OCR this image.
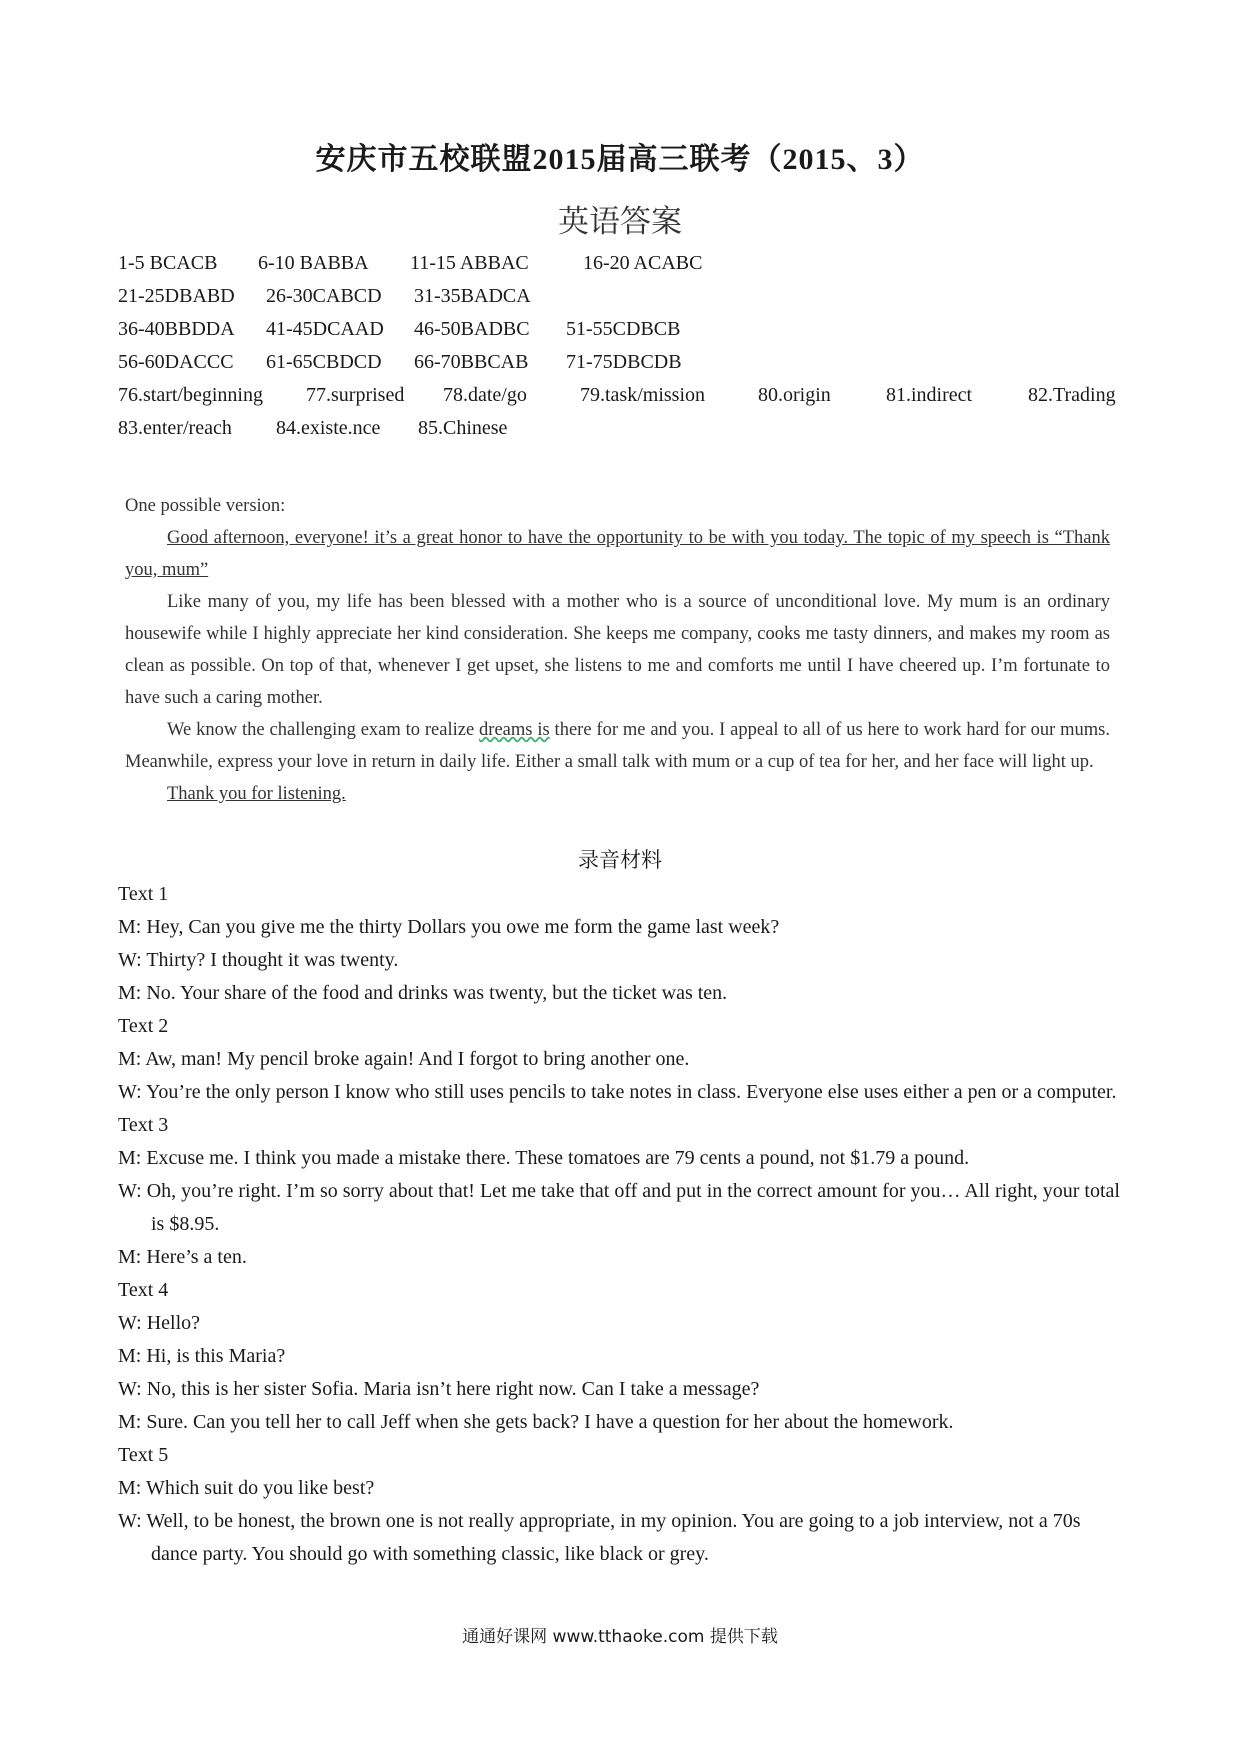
安庆市五校联盟2015届高三联考（2015、3）
英语答案
1-5 BCACB 6-10 BABBA 11-15 ABBAC	16-20 ACABC
21-25DBABD 26-30CABCD 31-35BADCA
36-40BBDDA 41-45DCAAD 46-50BADBC 51-55CDBCB
56-60DACCC 61-65CBDCD 66-70BBCAB 71-75DBCDB
76.start/beginning 77.surprised 78.date/go	79.task/mission	80.origin	81.indirect	82.Trading
83.enter/reach 84.existe.nce 85.Chinese

One possible version:

Good afternoon, everyone! it’s a great honor to have the opportunity to be with you today. The topic of my speech is “Thank you, mum”

Like many of you, my life has been blessed with a mother who is a source of unconditional love. My mum is an ordinary housewife while I highly appreciate her kind consideration. She keeps me company, cooks me tasty dinners, and makes my room as clean as possible. On top of that, whenever I get upset, she listens to me and comforts me until I have cheered up. I’m fortunate to have such a caring mother.

We know the challenging exam to realize dreams is there for me and you. I appeal to all of us here to work hard for our mums. Meanwhile, express your love in return in daily life. Either a small talk with mum or a cup of tea for her, and her face will light up.

Thank you for listening.

录音材料
Text 1
M: Hey, Can you give me the thirty Dollars you owe me form the game last week?
W: Thirty? I thought it was twenty.
M: No. Your share of the food and drinks was twenty, but the ticket was ten.
Text 2
M: Aw, man! My pencil broke again! And I forgot to bring another one.
W: You’re the only person I know who still uses pencils to take notes in class. Everyone else uses either a pen or a computer.
Text 3
M: Excuse me. I think you made a mistake there. These tomatoes are 79 cents a pound, not $1.79 a pound.
W: Oh, you’re right. I’m so sorry about that! Let me take that off and put in the correct amount for you… All right, your total is $8.95.
M: Here’s a ten.
Text 4
W: Hello?
M: Hi, is this Maria?
W: No, this is her sister Sofia. Maria isn’t here right now. Can I take a message?
M: Sure. Can you tell her to call Jeff when she gets back? I have a question for her about the homework.
Text 5
M: Which suit do you like best?
W: Well, to be honest, the brown one is not really appropriate, in my opinion. You are going to a job interview, not a 70s dance party. You should go with something classic, like black or grey.
通通好课网 www.tthaoke.com 提供下载
